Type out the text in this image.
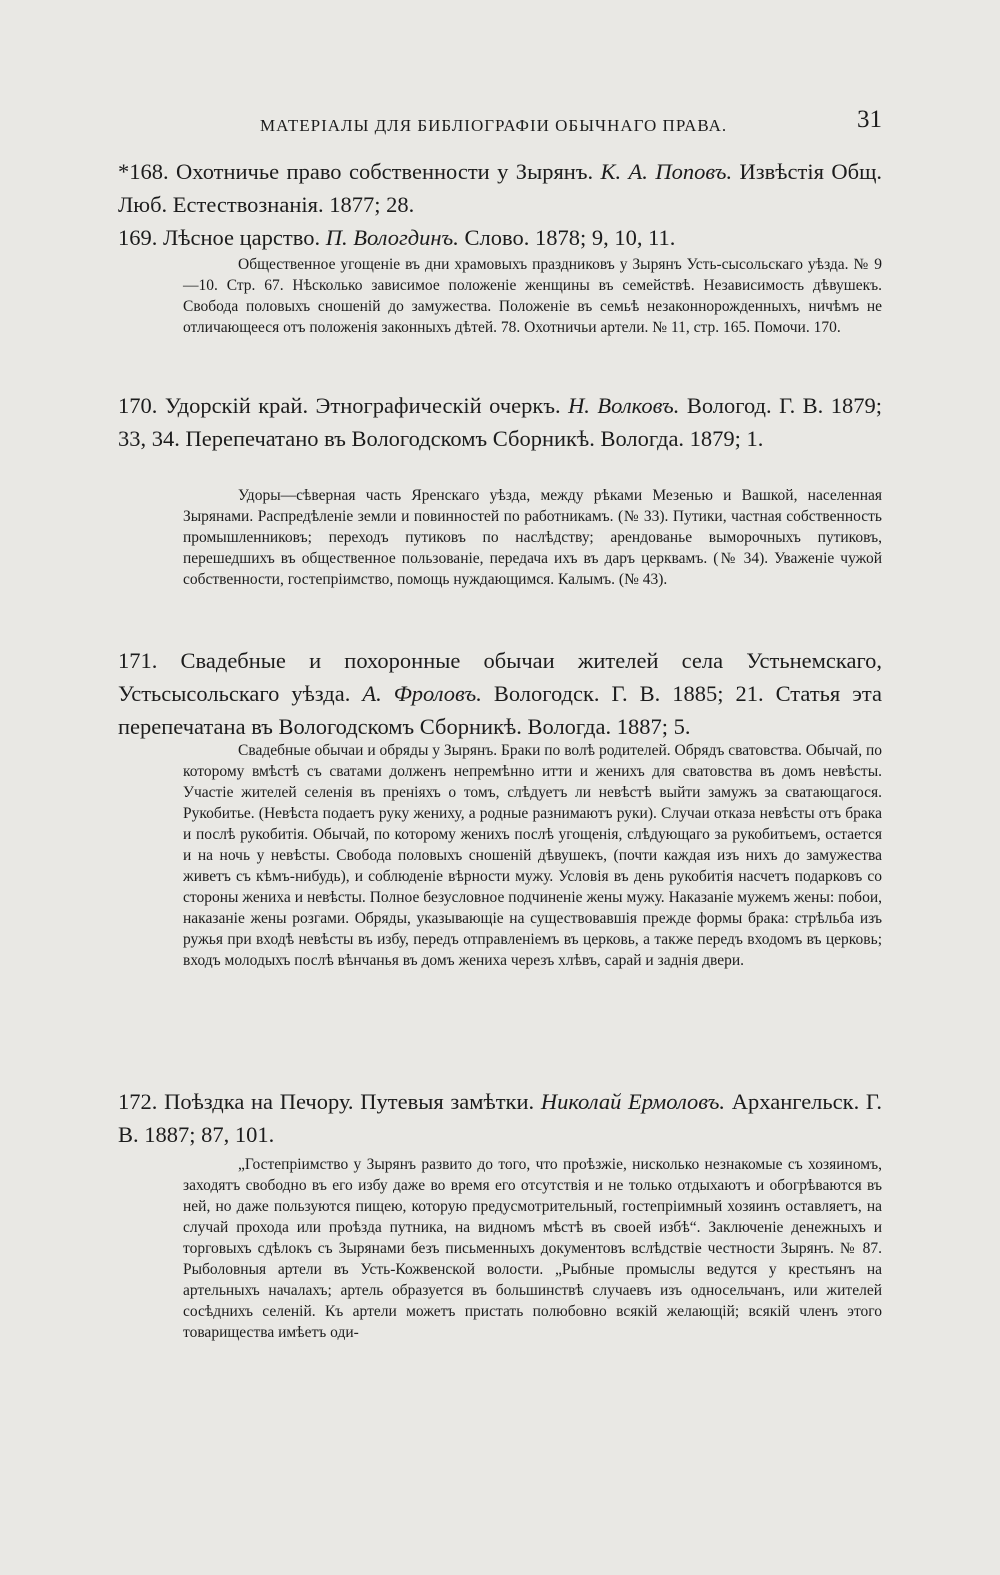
МАТЕРІАЛЫ ДЛЯ БИБЛІОГРАФІИ ОБЫЧНАГО ПРАВА.	31
*168. Охотничье право собственности у Зырянъ. К. А. Поповъ. Извѣстія Общ. Люб. Естествознанія. 1877; 28.
169. Лѣсное царство. П. Вологдинъ. Слово. 1878; 9, 10, 11.
Общественное угощеніе въ дни храмовыхъ праздниковъ у Зырянъ Усть-сысольскаго уѣзда. № 9—10. Стр. 67. Нѣсколько зависимое положеніе женщины въ семействѣ. Независимость дѣвушекъ. Свобода половыхъ сношеній до замужества. Положеніе въ семьѣ незаконнорожденныхъ, ничѣмъ не отличающееся отъ положенія законныхъ дѣтей. 78. Охотничьи артели. № 11, стр. 165. Помочи. 170.
170. Удорскій край. Этнографическій очеркъ. Н. Волковъ. Вологод. Г. В. 1879; 33, 34. Перепечатано въ Вологодскомъ Сборникѣ. Вологда. 1879; 1.
Удоры—сѣверная часть Яренскаго уѣзда, между рѣками Мезенью и Вашкой, населенная Зырянами. Распредѣленіе земли и повинностей по работникамъ. (№ 33). Путики, частная собственность промышленниковъ; переходъ путиковъ по наслѣдству; арендованье выморочныхъ путиковъ, перешедшихъ въ общественное пользованіе, передача ихъ въ даръ церквамъ. (№ 34). Уваженіе чужой собственности, гостепріимство, помощь нуждающимся. Калымъ. (№ 43).
171. Свадебные и похоронные обычаи жителей села Устьнемскаго, Устьсысольскаго уѣзда. А. Фроловъ. Вологодск. Г. В. 1885; 21. Статья эта перепечатана въ Вологодскомъ Сборникѣ. Вологда. 1887; 5.
Свадебные обычаи и обряды у Зырянъ. Браки по волѣ родителей. Обрядъ сватовства. Обычай, по которому вмѣстѣ съ сватами долженъ непремѣнно итти и женихъ для сватовства въ домъ невѣсты. Участіе жителей селенія въ преніяхъ о томъ, слѣдуетъ ли невѣстѣ выйти замужъ за сватающагося. Рукобитье. (Невѣста подаетъ руку жениху, а родные разнимаютъ руки). Случаи отказа невѣсты отъ брака и послѣ рукобитія. Обычай, по которому женихъ послѣ угощенія, слѣдующаго за рукобитьемъ, остается и на ночь у невѣсты. Свобода половыхъ сношеній дѣвушекъ, (почти каждая изъ нихъ до замужества живетъ съ кѣмъ-нибудь), и соблюденіе вѣрности мужу. Условія въ день рукобитія насчетъ подарковъ со стороны жениха и невѣсты. Полное безусловное подчиненіе жены мужу. Наказаніе мужемъ жены: побои, наказаніе жены розгами. Обряды, указывающіе на существовавшія прежде формы брака: стрѣльба изъ ружья при входѣ невѣсты въ избу, передъ отправленіемъ въ церковь, а также передъ входомъ въ церковь; входъ молодыхъ послѣ вѣнчанья въ домъ жениха черезъ хлѣвъ, сарай и заднія двери.
172. Поѣздка на Печору. Путевыя замѣтки. Николай Ермоловъ. Архангельск. Г. В. 1887; 87, 101.
„Гостепріимство у Зырянъ развито до того, что проѣзжіе, нисколько незнакомые съ хозяиномъ, заходятъ свободно въ его избу даже во время его отсутствія и не только отдыхаютъ и обогрѣваются въ ней, но даже пользуются пищею, которую предусмотрительный, гостепріимный хозяинъ оставляетъ, на случай прохода или проѣзда путника, на видномъ мѣстѣ въ своей избѣ“. Заключеніе денежныхъ и торговыхъ сдѣлокъ съ Зырянами безъ письменныхъ документовъ вслѣдствіе честности Зырянъ. № 87. Рыболовныя артели въ Усть-Кожвенской волости. „Рыбные промыслы ведутся у крестьянъ на артельныхъ началахъ; артель образуется въ большинствѣ случаевъ изъ односельчанъ, или жителей сосѣднихъ селеній. Къ артели можетъ пристать полюбовно всякій желающій; всякій членъ этого товарищества имѣетъ оди-
